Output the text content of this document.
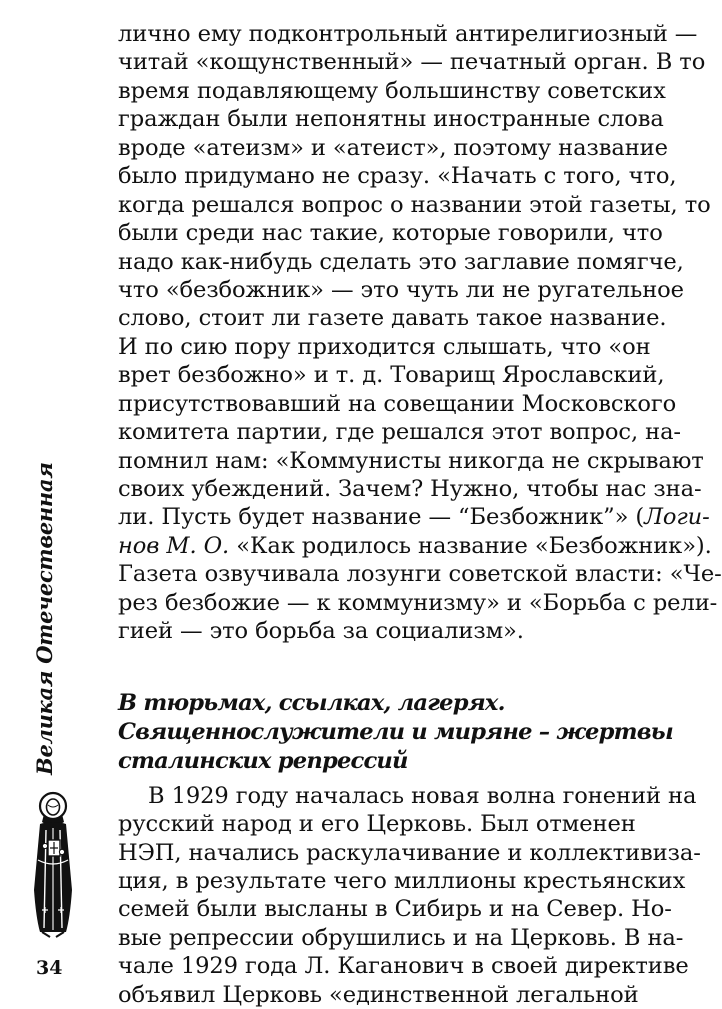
лично ему подконтрольный антирелигиозный —
читай «кощунственный» — печатный орган. В то
время подавляющему большинству советских
граждан были непонятны иностранные слова
вроде «атеизм» и «атеист», поэтому название
было придумано не сразу. «Начать с того, что,
когда решался вопрос о названии этой газеты, то
были среди нас такие, которые говорили, что
надо как-нибудь сделать это заглавие помягче,
что «безбожник» — это чуть ли не ругательное
слово, стоит ли газете давать такое название.
И по сию пору приходится слышать, что «он
врет безбожно» и т. д. Товарищ Ярославский,
присутствовавший на совещании Московского
комитета партии, где решался этот вопрос, на-
помнил нам: «Коммунисты никогда не скрывают
своих убеждений. Зачем? Нужно, чтобы нас зна-
ли. Пусть будет название — “Безбожник”» (Логи-
нов М. О. «Как родилось название «Безбожник»).
Газета озвучивала лозунги советской власти: «Че-
рез безбожие — к коммунизму» и «Борьба с рели-
гией — это борьба за социализм».
В тюрьмах, ссылках, лагерях.
Священнослужители и миряне – жертвы
сталинских репрессий
В 1929 году началась новая волна гонений на
русский народ и его Церковь. Был отменен
НЭП, начались раскулачивание и коллективиза-
ция, в результате чего миллионы крестьянских
семей были высланы в Сибирь и на Север. Но-
вые репрессии обрушились и на Церковь. В на-
чале 1929 года Л. Каганович в своей директиве
объявил Церковь «единственной легальной
Великая Отечественная
34
